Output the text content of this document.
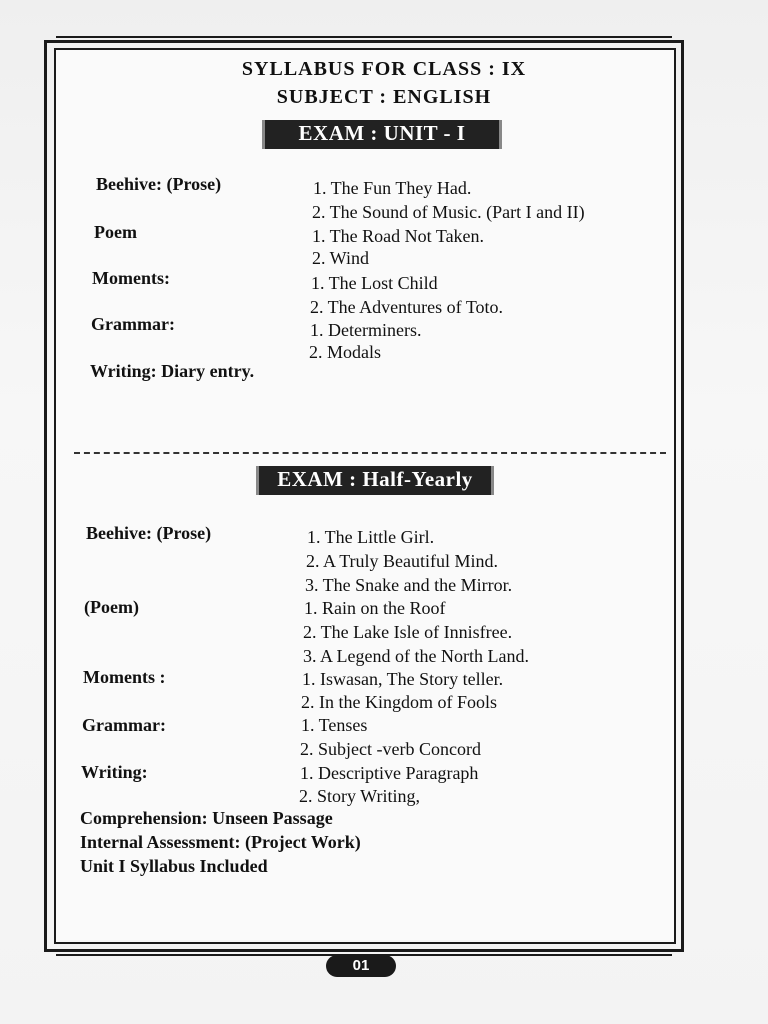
SYLLABUS FOR CLASS : IX
SUBJECT : ENGLISH
EXAM : UNIT - I
Beehive: (Prose)	1. The Fun They Had.
2. The Sound of Music. (Part I and II)
Poem	1. The Road Not Taken.
2. Wind
Moments:	1. The Lost Child
2. The Adventures of Toto.
Grammar:	1. Determiners.
2. Modals
Writing: Diary entry.
EXAM : Half-Yearly
Beehive: (Prose)	1. The Little Girl.
2. A Truly Beautiful Mind.
3. The Snake and the Mirror.
(Poem)	1. Rain on the Roof
2. The Lake Isle of Innisfree.
3. A Legend of the North Land.
Moments :	1. Iswasan, The Story teller.
2. In the Kingdom of Fools
Grammar:	1. Tenses
2. Subject -verb Concord
Writing:	1. Descriptive Paragraph
2. Story Writing,
Comprehension: Unseen Passage
Internal Assessment: (Project Work)
Unit I Syllabus Included
01
